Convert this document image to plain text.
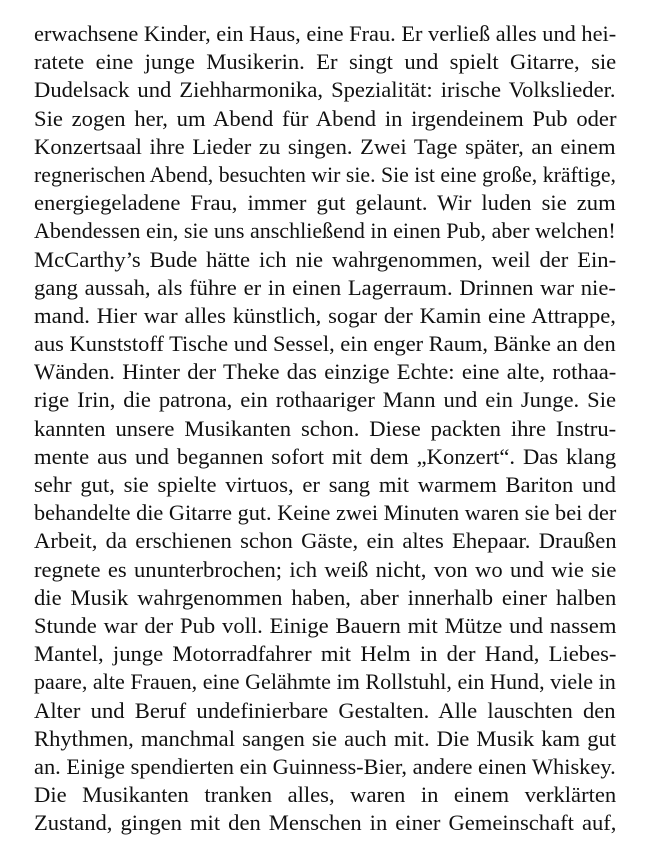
erwachsene Kinder, ein Haus, eine Frau. Er verließ alles und hei-
ratete eine junge Musikerin. Er singt und spielt Gitarre, sie
Dudelsack und Ziehharmonika, Spezialität: irische Volkslieder.
Sie zogen her, um Abend für Abend in irgendeinem Pub oder
Konzertsaal ihre Lieder zu singen. Zwei Tage später, an einem
regnerischen Abend, besuchten wir sie. Sie ist eine große, kräftige,
energiegeladene Frau, immer gut gelaunt. Wir luden sie zum
Abendessen ein, sie uns anschließend in einen Pub, aber welchen!
McCarthy’s Bude hätte ich nie wahrgenommen, weil der Ein-
gang aussah, als führe er in einen Lagerraum. Drinnen war nie-
mand. Hier war alles künstlich, sogar der Kamin eine Attrappe,
aus Kunststoff Tische und Sessel, ein enger Raum, Bänke an den
Wänden. Hinter der Theke das einzige Echte: eine alte, rothaa-
rige Irin, die patrona, ein rothaariger Mann und ein Junge. Sie
kannten unsere Musikanten schon. Diese packten ihre Instru-
mente aus und begannen sofort mit dem „Konzert“. Das klang
sehr gut, sie spielte virtuos, er sang mit warmem Bariton und
behandelte die Gitarre gut. Keine zwei Minuten waren sie bei der
Arbeit, da erschienen schon Gäste, ein altes Ehepaar. Draußen
regnete es ununterbrochen; ich weiß nicht, von wo und wie sie
die Musik wahrgenommen haben, aber innerhalb einer halben
Stunde war der Pub voll. Einige Bauern mit Mütze und nassem
Mantel, junge Motorradfahrer mit Helm in der Hand, Liebes-
paare, alte Frauen, eine Gelähmte im Rollstuhl, ein Hund, viele in
Alter und Beruf undefinierbare Gestalten. Alle lauschten den
Rhythmen, manchmal sangen sie auch mit. Die Musik kam gut
an. Einige spendierten ein Guinness-Bier, andere einen Whiskey.
Die Musikanten tranken alles, waren in einem verklärten
Zustand, gingen mit den Menschen in einer Gemeinschaft auf,
